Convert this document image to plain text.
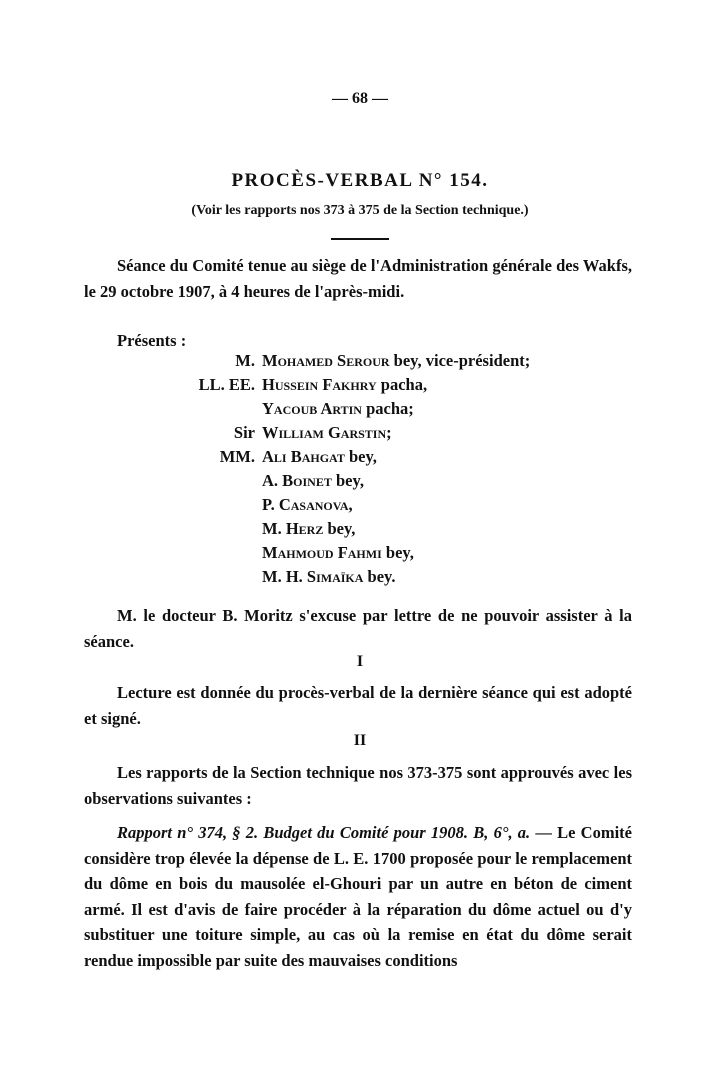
— 68 —
PROCÈS-VERBAL N° 154.
(Voir les rapports nos 373 à 375 de la Section technique.)

Séance du Comité tenue au siège de l'Administration générale des Wakfs, le 29 octobre 1907, à 4 heures de l'après-midi.

Présents :
M. Mohamed Serour bey, vice-président;
LL. EE. Hussein Fakhry pacha,
Yacoub Artin pacha;
Sir William Garstin;
MM. Ali Bahgat bey,
A. Boinet bey,
P. Casanova,
M. Herz bey,
Mahmoud Fahmi bey,
M. H. Simaïka bey.

M. le docteur B. Moritz s'excuse par lettre de ne pouvoir assister à la séance.

I

Lecture est donnée du procès-verbal de la dernière séance qui est adopté et signé.

II

Les rapports de la Section technique nos 373-375 sont approuvés avec les observations suivantes :

Rapport n° 374, § 2. Budget du Comité pour 1908. B, 6°, a. — Le Comité considère trop élevée la dépense de L. E. 1700 proposée pour le remplacement du dôme en bois du mausolée el-Ghouri par un autre en béton de ciment armé. Il est d'avis de faire procéder à la réparation du dôme actuel ou d'y substituer une toiture simple, au cas où la remise en état du dôme serait rendue impossible par suite des mauvaises conditions
